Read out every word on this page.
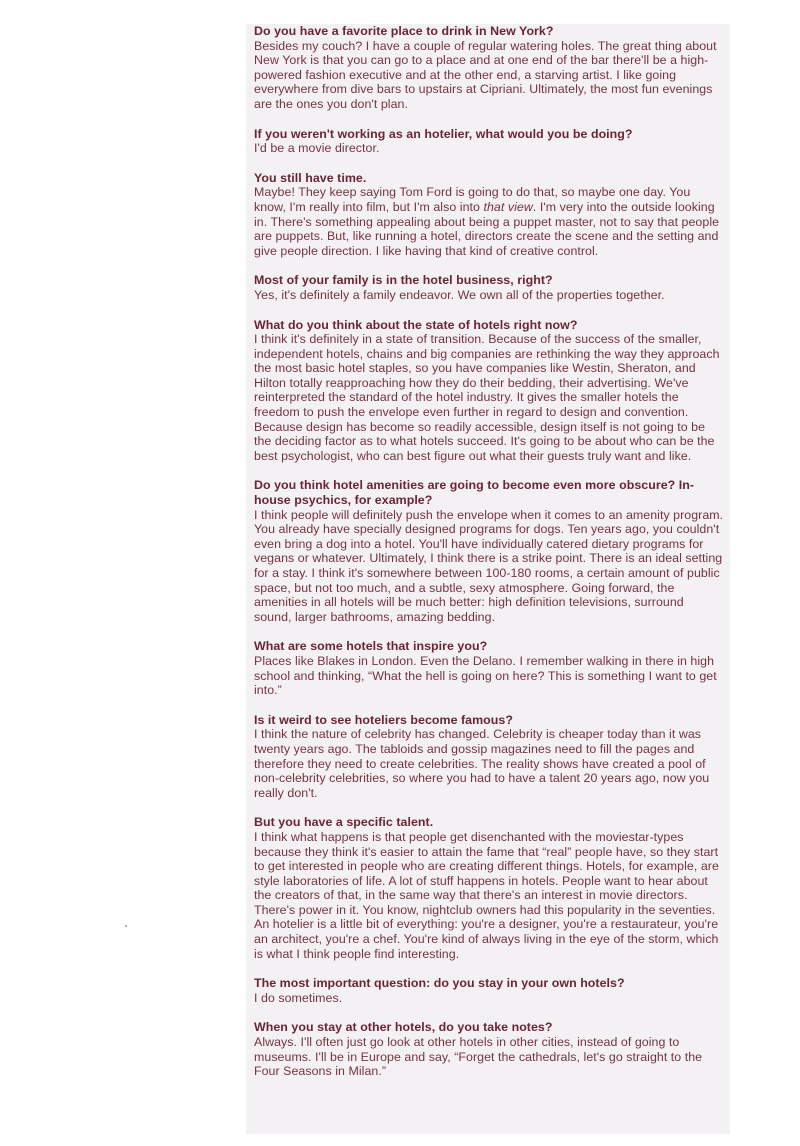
Do you have a favorite place to drink in New York?
Besides my couch? I have a couple of regular watering holes. The great thing about New York is that you can go to a place and at one end of the bar there'll be a high-powered fashion executive and at the other end, a starving artist. I like going everywhere from dive bars to upstairs at Cipriani. Ultimately, the most fun evenings are the ones you don't plan.
If you weren't working as an hotelier, what would you be doing?
I'd be a movie director.
You still have time.
Maybe! They keep saying Tom Ford is going to do that, so maybe one day. You know, I'm really into film, but I'm also into that view. I'm very into the outside looking in. There's something appealing about being a puppet master, not to say that people are puppets. But, like running a hotel, directors create the scene and the setting and give people direction. I like having that kind of creative control.
Most of your family is in the hotel business, right?
Yes, it's definitely a family endeavor. We own all of the properties together.
What do you think about the state of hotels right now?
I think it's definitely in a state of transition. Because of the success of the smaller, independent hotels, chains and big companies are rethinking the way they approach the most basic hotel staples, so you have companies like Westin, Sheraton, and Hilton totally reapproaching how they do their bedding, their advertising. We've reinterpreted the standard of the hotel industry. It gives the smaller hotels the freedom to push the envelope even further in regard to design and convention. Because design has become so readily accessible, design itself is not going to be the deciding factor as to what hotels succeed. It's going to be about who can be the best psychologist, who can best figure out what their guests truly want and like.
Do you think hotel amenities are going to become even more obscure? In-house psychics, for example?
I think people will definitely push the envelope when it comes to an amenity program. You already have specially designed programs for dogs. Ten years ago, you couldn't even bring a dog into a hotel. You'll have individually catered dietary programs for vegans or whatever. Ultimately, I think there is a strike point. There is an ideal setting for a stay. I think it's somewhere between 100-180 rooms, a certain amount of public space, but not too much, and a subtle, sexy atmosphere. Going forward, the amenities in all hotels will be much better: high definition televisions, surround sound, larger bathrooms, amazing bedding.
What are some hotels that inspire you?
Places like Blakes in London. Even the Delano. I remember walking in there in high school and thinking, “What the hell is going on here? This is something I want to get into.”
Is it weird to see hoteliers become famous?
I think the nature of celebrity has changed. Celebrity is cheaper today than it was twenty years ago. The tabloids and gossip magazines need to fill the pages and therefore they need to create celebrities. The reality shows have created a pool of non-celebrity celebrities, so where you had to have a talent 20 years ago, now you really don't.
But you have a specific talent.
I think what happens is that people get disenchanted with the moviestar-types because they think it's easier to attain the fame that “real” people have, so they start to get interested in people who are creating different things. Hotels, for example, are style laboratories of life. A lot of stuff happens in hotels. People want to hear about the creators of that, in the same way that there's an interest in movie directors. There's power in it. You know, nightclub owners had this popularity in the seventies. An hotelier is a little bit of everything: you're a designer, you're a restaurateur, you're an architect, you're a chef. You're kind of always living in the eye of the storm, which is what I think people find interesting.
The most important question: do you stay in your own hotels?
I do sometimes.
When you stay at other hotels, do you take notes?
Always. I'll often just go look at other hotels in other cities, instead of going to museums. I'll be in Europe and say, “Forget the cathedrals, let's go straight to the Four Seasons in Milan.”
